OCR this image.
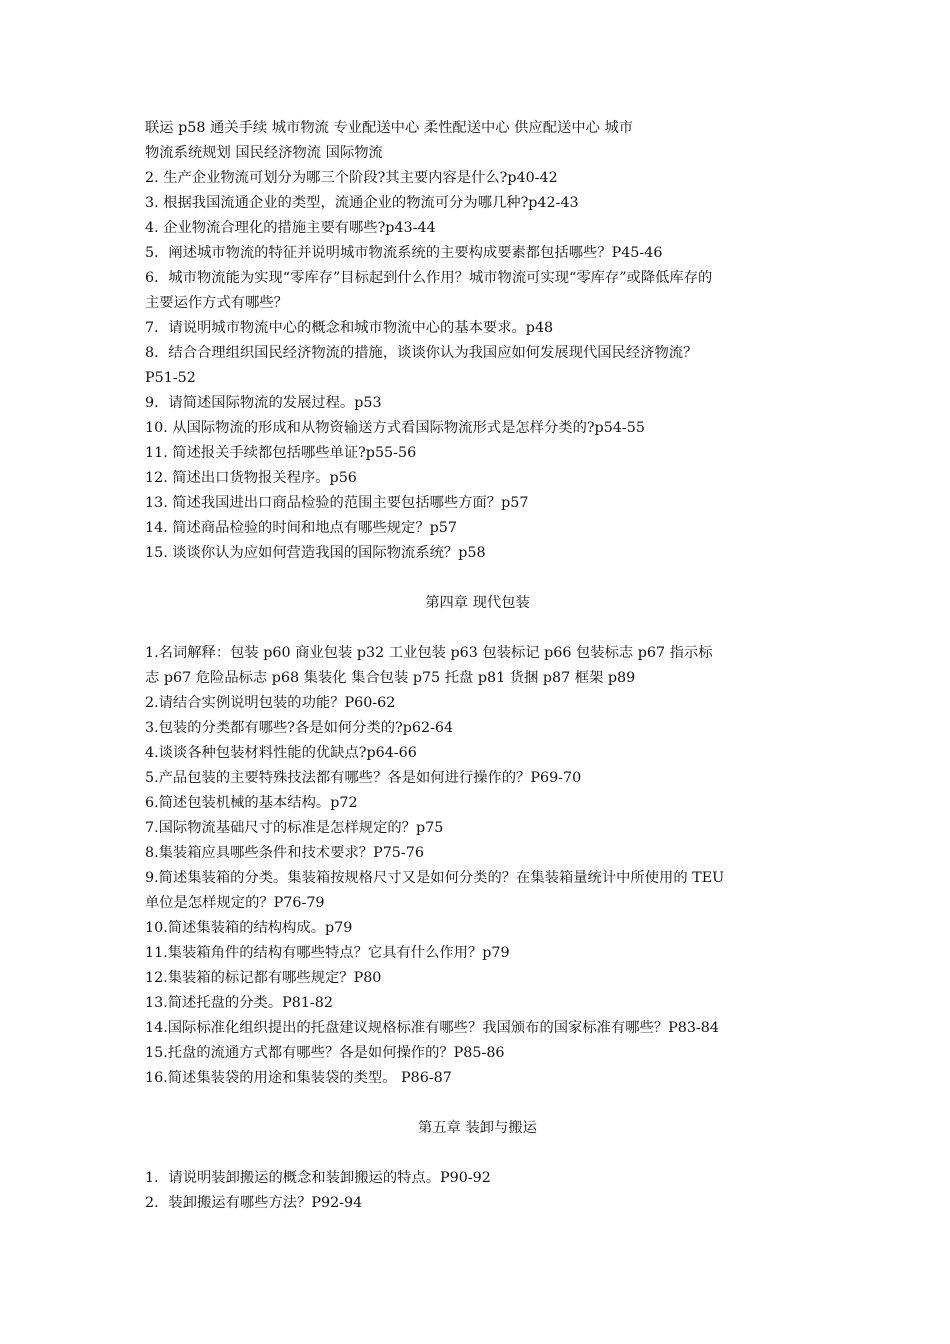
联运 p58 通关手续 城市物流 专业配送中心 柔性配送中心 供应配送中心 城市

物流系统规划 国民经济物流 国际物流

2. 生产企业物流可划分为哪三个阶段?其主要内容是什么?p40-42

3. 根据我国流通企业的类型，流通企业的物流可分为哪几种?p42-43

4. 企业物流合理化的措施主要有哪些?p43-44

5．阐述城市物流的特征并说明城市物流系统的主要构成要素都包括哪些？P45-46

6．城市物流能为实现“零库存”目标起到什么作用？城市物流可实现“零库存”或降低库存的

主要运作方式有哪些？

7．请说明城市物流中心的概念和城市物流中心的基本要求。p48

8．结合合理组织国民经济物流的措施，谈谈你认为我国应如何发展现代国民经济物流？

P51-52

9．请简述国际物流的发展过程。p53

10. 从国际物流的形成和从物资输送方式看国际物流形式是怎样分类的?p54-55

11. 简述报关手续都包括哪些单证?p55-56

12. 简述出口货物报关程序。p56

13. 简述我国进出口商品检验的范围主要包括哪些方面？p57

14. 简述商品检验的时间和地点有哪些规定？p57

15. 谈谈你认为应如何营造我国的国际物流系统？p58

第四章 现代包装

1.名词解释：包装 p60 商业包装 p32 工业包装 p63 包装标记 p66 包装标志 p67 指示标

志 p67 危险品标志 p68 集装化 集合包装 p75 托盘 p81 货捆 p87 框架 p89

2.请结合实例说明包装的功能？P60-62

3.包装的分类都有哪些?各是如何分类的?p62-64

4.谈谈各种包装材料性能的优缺点?p64-66

5.产品包装的主要特殊技法都有哪些？各是如何进行操作的？P69-70

6.简述包装机械的基本结构。p72

7.国际物流基础尺寸的标准是怎样规定的？p75

8.集装箱应具哪些条件和技术要求？P75-76

9.简述集装箱的分类。集装箱按规格尺寸又是如何分类的？在集装箱量统计中所使用的 TEU

单位是怎样规定的？P76-79

10.简述集装箱的结构构成。p79

11.集装箱角件的结构有哪些特点？它具有什么作用？p79

12.集装箱的标记都有哪些规定？P80

13.简述托盘的分类。P81-82

14.国际标准化组织提出的托盘建议规格标准有哪些？我国颁布的国家标准有哪些？P83-84

15.托盘的流通方式都有哪些？各是如何操作的？P85-86

16.简述集装袋的用途和集装袋的类型。 P86-87

第五章 装卸与搬运

1．请说明装卸搬运的概念和装卸搬运的特点。P90-92

2．装卸搬运有哪些方法？P92-94
